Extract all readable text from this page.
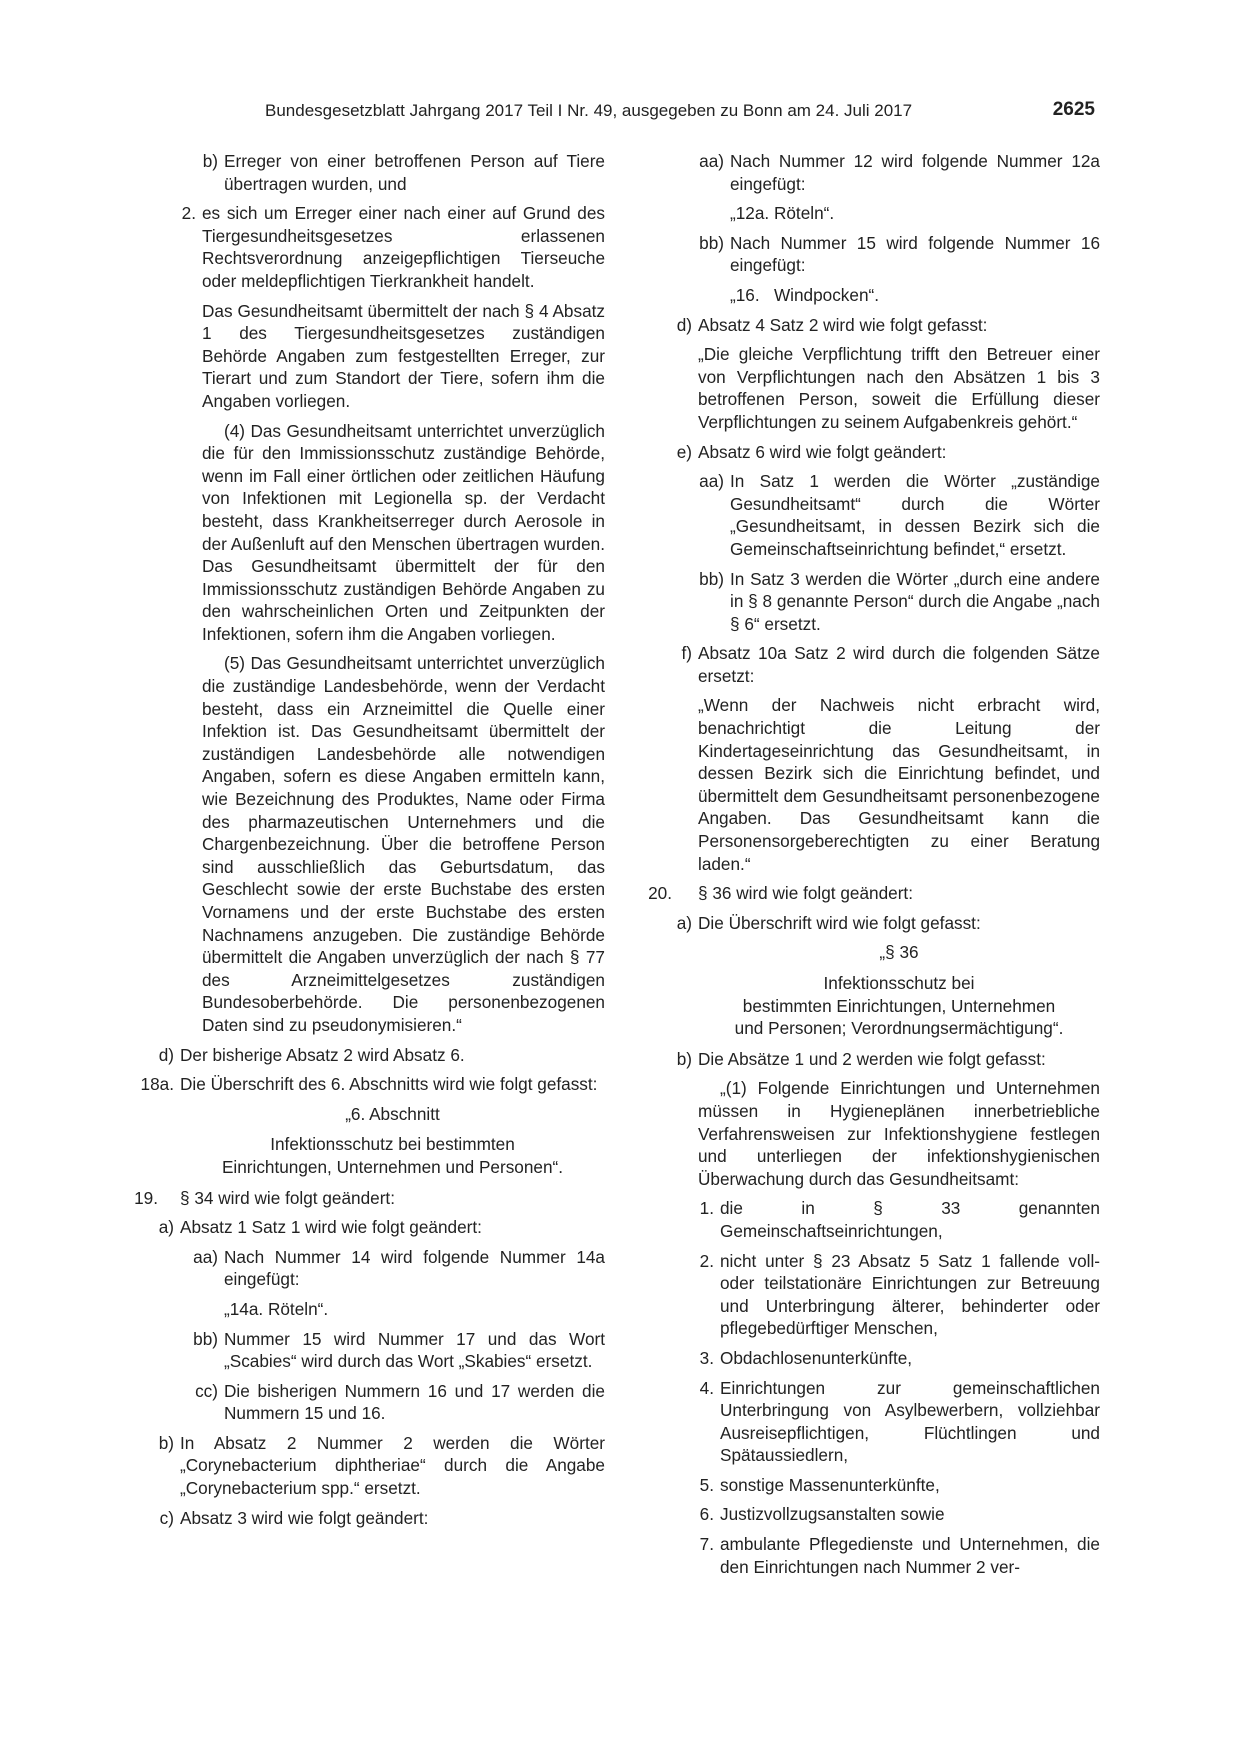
Bundesgesetzblatt Jahrgang 2017 Teil I Nr. 49, ausgegeben zu Bonn am 24. Juli 2017	2625
b) Erreger von einer betroffenen Person auf Tiere übertragen wurden, und
2. es sich um Erreger einer nach einer auf Grund des Tiergesundheitsgesetzes erlassenen Rechtsverordnung anzeigepflichtigen Tierseuche oder meldepflichtigen Tierkrankheit handelt.
Das Gesundheitsamt übermittelt der nach § 4 Absatz 1 des Tiergesundheitsgesetzes zuständigen Behörde Angaben zum festgestellten Erreger, zur Tierart und zum Standort der Tiere, sofern ihm die Angaben vorliegen.
(4) Das Gesundheitsamt unterrichtet unverzüglich die für den Immissionsschutz zuständige Behörde, wenn im Fall einer örtlichen oder zeitlichen Häufung von Infektionen mit Legionella sp. der Verdacht besteht, dass Krankheitserreger durch Aerosole in der Außenluft auf den Menschen übertragen wurden. Das Gesundheitsamt übermittelt der für den Immissionsschutz zuständigen Behörde Angaben zu den wahrscheinlichen Orten und Zeitpunkten der Infektionen, sofern ihm die Angaben vorliegen.
(5) Das Gesundheitsamt unterrichtet unverzüglich die zuständige Landesbehörde, wenn der Verdacht besteht, dass ein Arzneimittel die Quelle einer Infektion ist. Das Gesundheitsamt übermittelt der zuständigen Landesbehörde alle notwendigen Angaben, sofern es diese Angaben ermitteln kann, wie Bezeichnung des Produktes, Name oder Firma des pharmazeutischen Unternehmers und die Chargenbezeichnung. Über die betroffene Person sind ausschließlich das Geburtsdatum, das Geschlecht sowie der erste Buchstabe des ersten Vornamens und der erste Buchstabe des ersten Nachnamens anzugeben. Die zuständige Behörde übermittelt die Angaben unverzüglich der nach § 77 des Arzneimittelgesetzes zuständigen Bundesoberbehörde. Die personenbezogenen Daten sind zu pseudonymisieren.“
d) Der bisherige Absatz 2 wird Absatz 6.
18a. Die Überschrift des 6. Abschnitts wird wie folgt gefasst:
„6. Abschnitt
Infektionsschutz bei bestimmten
Einrichtungen, Unternehmen und Personen“.
19. § 34 wird wie folgt geändert:
a) Absatz 1 Satz 1 wird wie folgt geändert:
aa) Nach Nummer 14 wird folgende Nummer 14a eingefügt:
„14a. Röteln“.
bb) Nummer 15 wird Nummer 17 und das Wort „Scabies“ wird durch das Wort „Skabies“ ersetzt.
cc) Die bisherigen Nummern 16 und 17 werden die Nummern 15 und 16.
b) In Absatz 2 Nummer 2 werden die Wörter „Corynebacterium diphtheriae“ durch die Angabe „Corynebacterium spp.“ ersetzt.
c) Absatz 3 wird wie folgt geändert:
aa) Nach Nummer 12 wird folgende Nummer 12a eingefügt:
„12a. Röteln“.
bb) Nach Nummer 15 wird folgende Nummer 16 eingefügt:
„16.   Windpocken“.
d) Absatz 4 Satz 2 wird wie folgt gefasst:
„Die gleiche Verpflichtung trifft den Betreuer einer von Verpflichtungen nach den Absätzen 1 bis 3 betroffenen Person, soweit die Erfüllung dieser Verpflichtungen zu seinem Aufgabenkreis gehört.“
e) Absatz 6 wird wie folgt geändert:
aa) In Satz 1 werden die Wörter „zuständige Gesundheitsamt“ durch die Wörter „Gesundheitsamt, in dessen Bezirk sich die Gemeinschaftseinrichtung befindet,“ ersetzt.
bb) In Satz 3 werden die Wörter „durch eine andere in § 8 genannte Person“ durch die Angabe „nach § 6“ ersetzt.
f) Absatz 10a Satz 2 wird durch die folgenden Sätze ersetzt:
„Wenn der Nachweis nicht erbracht wird, benachrichtigt die Leitung der Kindertageseinrichtung das Gesundheitsamt, in dessen Bezirk sich die Einrichtung befindet, und übermittelt dem Gesundheitsamt personenbezogene Angaben. Das Gesundheitsamt kann die Personensorgeberechtigten zu einer Beratung laden.“
20. § 36 wird wie folgt geändert:
a) Die Überschrift wird wie folgt gefasst:
„§ 36
Infektionsschutz bei
bestimmten Einrichtungen, Unternehmen
und Personen; Verordnungsermächtigung“.
b) Die Absätze 1 und 2 werden wie folgt gefasst:
„(1) Folgende Einrichtungen und Unternehmen müssen in Hygieneplänen innerbetriebliche Verfahrensweisen zur Infektionshygiene festlegen und unterliegen der infektionshygienischen Überwachung durch das Gesundheitsamt:
1. die in § 33 genannten Gemeinschaftseinrichtungen,
2. nicht unter § 23 Absatz 5 Satz 1 fallende voll- oder teilstationäre Einrichtungen zur Betreuung und Unterbringung älterer, behinderter oder pflegebedürftiger Menschen,
3. Obdachlosenunterkünfte,
4. Einrichtungen zur gemeinschaftlichen Unterbringung von Asylbewerbern, vollziehbar Ausreisepflichtigen, Flüchtlingen und Spätaussiedlern,
5. sonstige Massenunterkünfte,
6. Justizvollzugsanstalten sowie
7. ambulante Pflegedienste und Unternehmen, die den Einrichtungen nach Nummer 2 ver-
